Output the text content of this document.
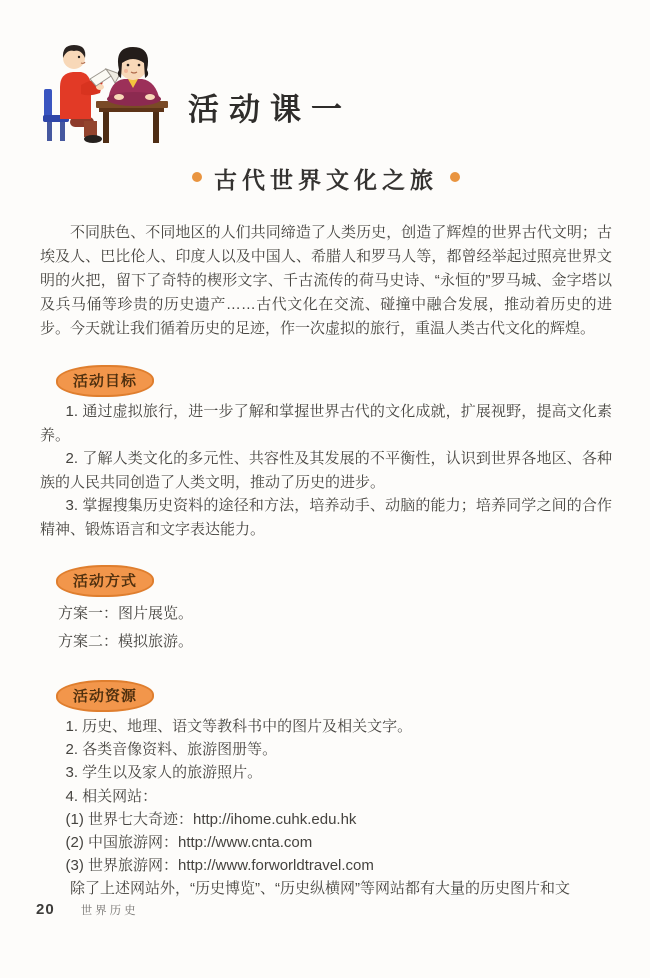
活动课一
古代世界文化之旅

不同肤色、不同地区的人们共同缔造了人类历史，创造了辉煌的世界古代文明；古埃及人、巴比伦人、印度人以及中国人、希腊人和罗马人等，都曾经举起过照亮世界文明的火把，留下了奇特的楔形文字、千古流传的荷马史诗、“永恒的”罗马城、金字塔以及兵马俑等珍贵的历史遗产……古代文化在交流、碰撞中融合发展，推动着历史的进步。今天就让我们循着历史的足迹，作一次虚拟的旅行，重温人类古代文化的辉煌。

活动目标

1. 通过虚拟旅行，进一步了解和掌握世界古代的文化成就，扩展视野，提高文化素养。

2. 了解人类文化的多元性、共容性及其发展的不平衡性，认识到世界各地区、各种族的人民共同创造了人类文明，推动了历史的进步。

3. 掌握搜集历史资料的途径和方法，培养动手、动脑的能力；培养同学之间的合作精神、锻炼语言和文字表达能力。

活动方式

方案一：图片展览。

方案二：模拟旅游。

活动资源

1. 历史、地理、语文等教科书中的图片及相关文字。

2. 各类音像资料、旅游图册等。

3. 学生以及家人的旅游照片。

4. 相关网站：

(1) 世界七大奇迹：http://ihome.cuhk.edu.hk

(2) 中国旅游网：http://www.cnta.com

(3) 世界旅游网：http://www.forworldtravel.com

除了上述网站外，“历史博览”、“历史纵横网”等网站都有大量的历史图片和文

20 世界历史
